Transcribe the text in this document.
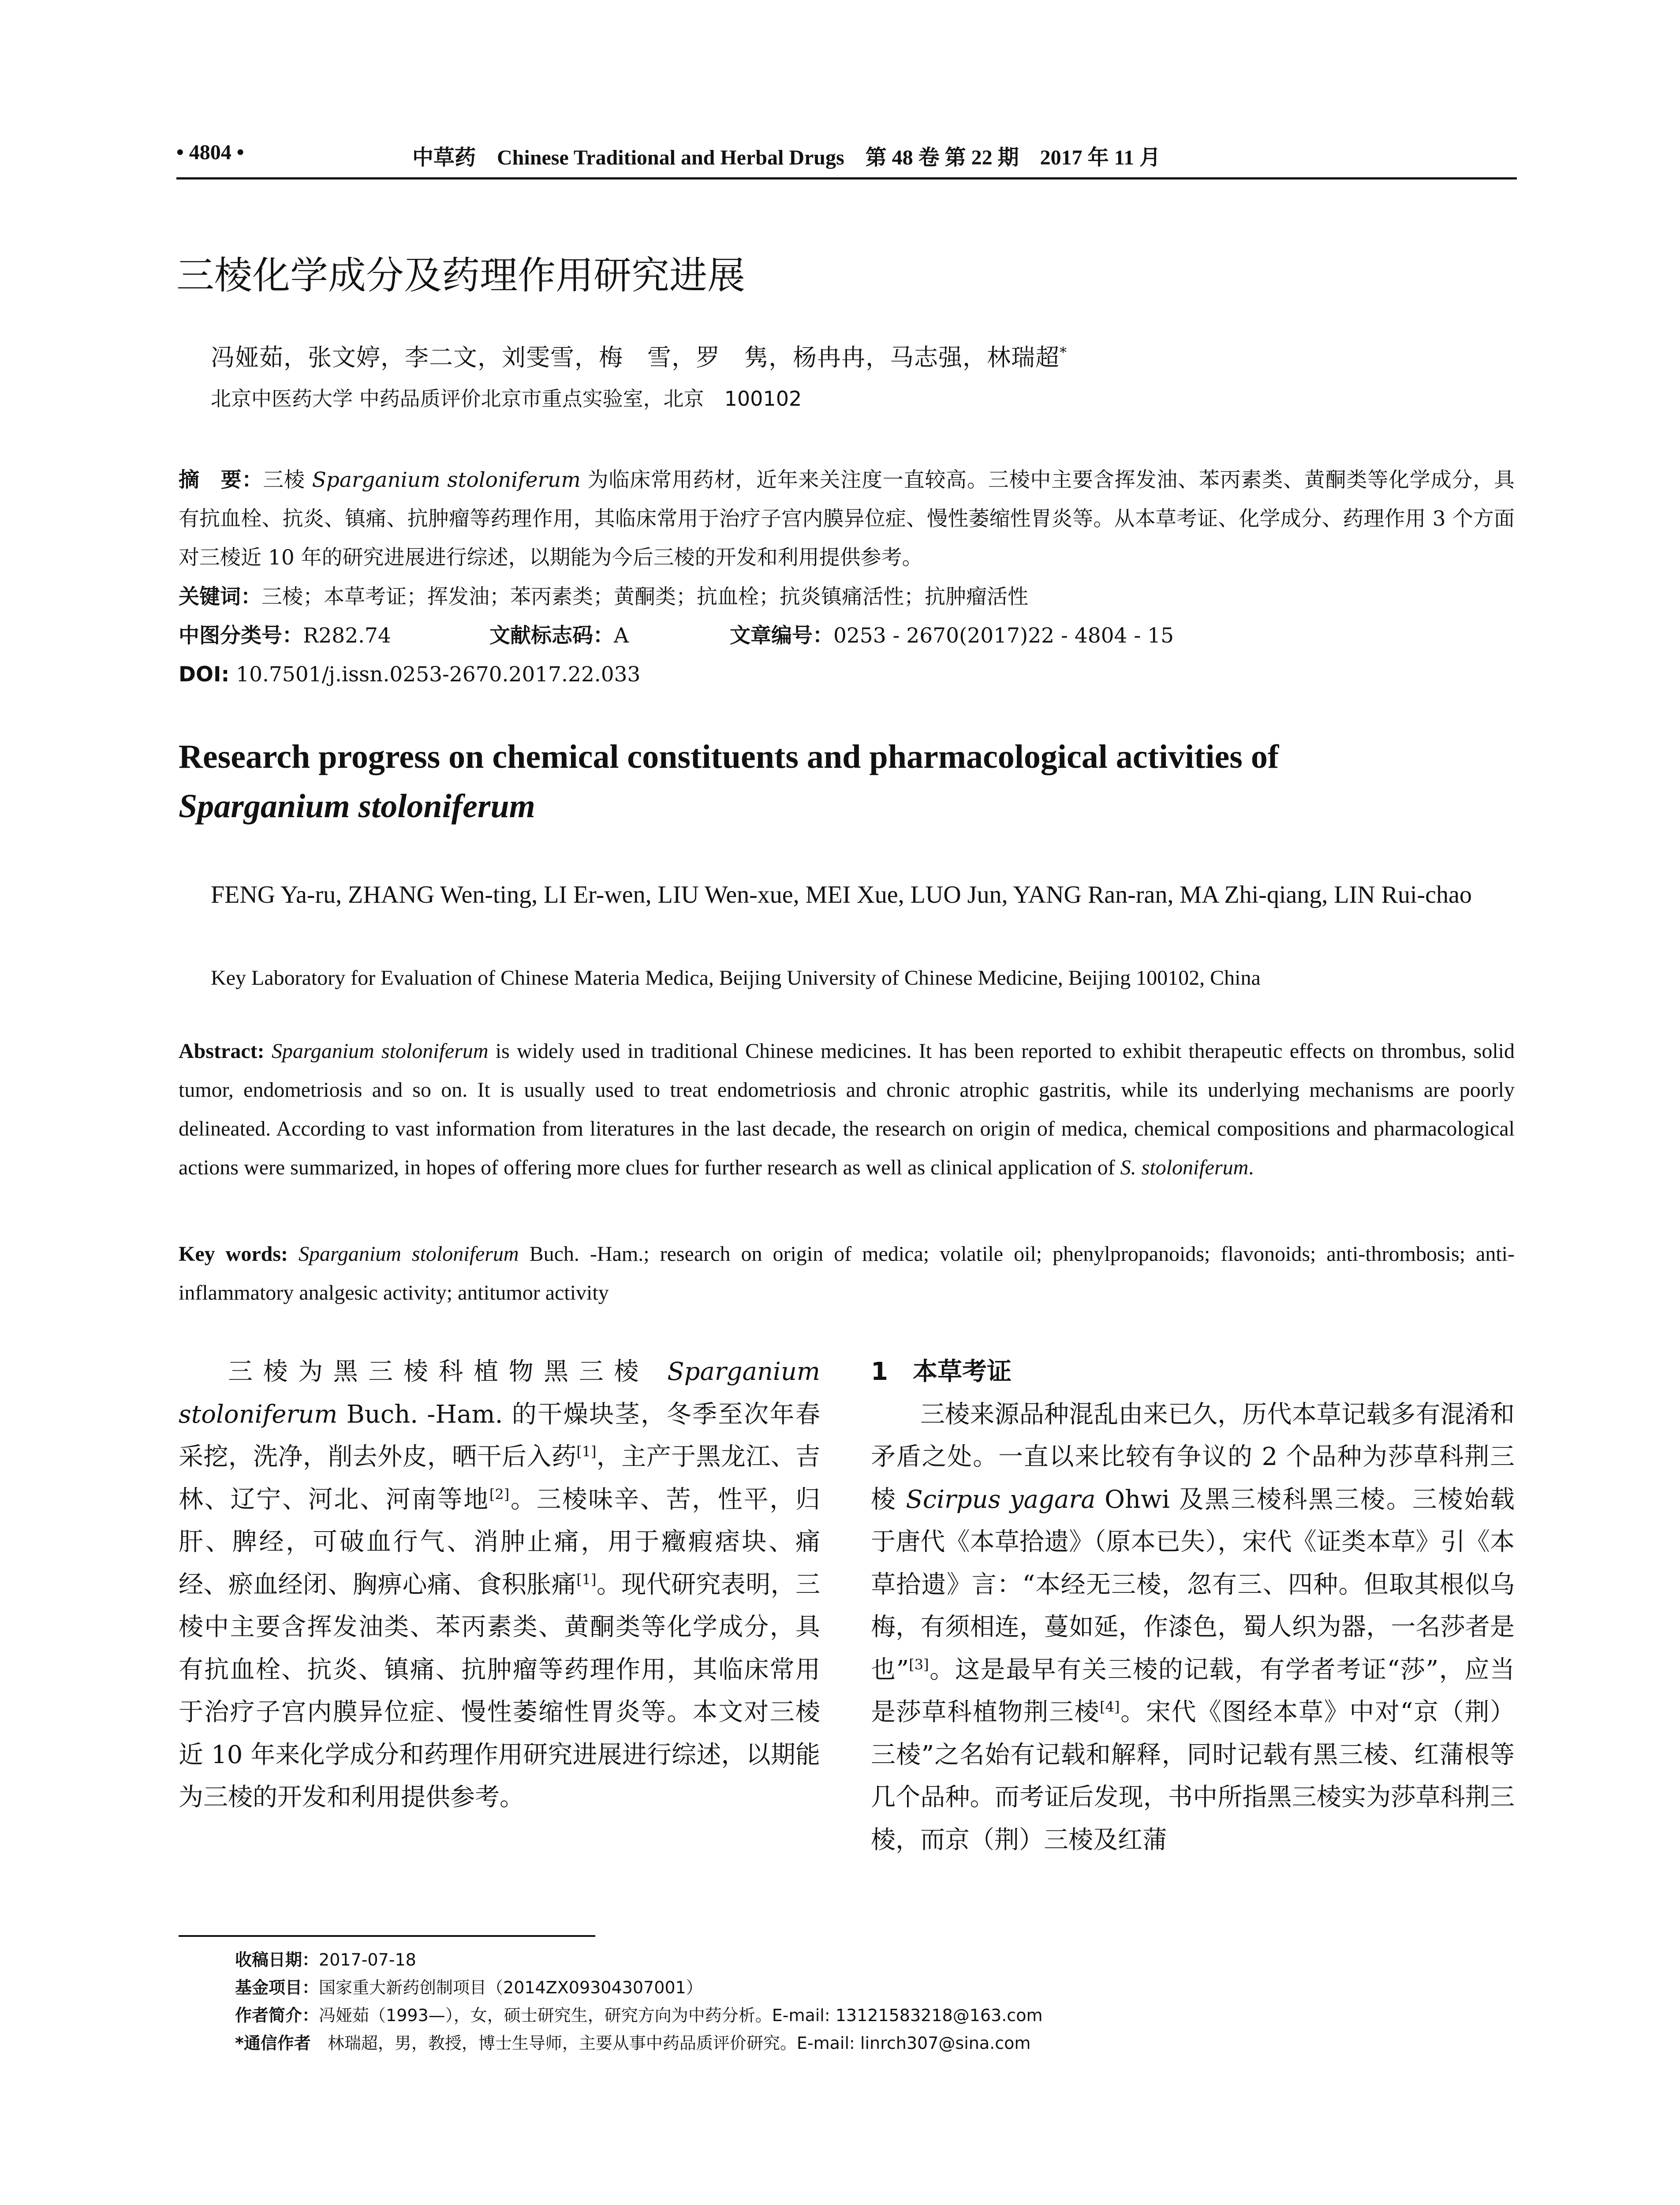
• 4804 •	中草药　Chinese Traditional and Herbal Drugs　第 48 卷 第 22 期　2017 年 11 月
三棱化学成分及药理作用研究进展
冯娅茹，张文婷，李二文，刘雯雪，梅　雪，罗　隽，杨冉冉，马志强，林瑞超*
北京中医药大学 中药品质评价北京市重点实验室，北京　100102
摘　要：三棱 Sparganium stoloniferum 为临床常用药材，近年来关注度一直较高。三棱中主要含挥发油、苯丙素类、黄酮类等化学成分，具有抗血栓、抗炎、镇痛、抗肿瘤等药理作用，其临床常用于治疗子宫内膜异位症、慢性萎缩性胃炎等。从本草考证、化学成分、药理作用 3 个方面对三棱近 10 年的研究进展进行综述，以期能为今后三棱的开发和利用提供参考。
关键词：三棱；本草考证；挥发油；苯丙素类；黄酮类；抗血栓；抗炎镇痛活性；抗肿瘤活性
中图分类号：R282.74	文献标志码：A	文章编号：0253 - 2670(2017)22 - 4804 - 15
DOI: 10.7501/j.issn.0253-2670.2017.22.033
Research progress on chemical constituents and pharmacological activities of
Sparganium stoloniferum
FENG Ya-ru, ZHANG Wen-ting, LI Er-wen, LIU Wen-xue, MEI Xue, LUO Jun, YANG Ran-ran, MA Zhi-qiang, LIN Rui-chao
Key Laboratory for Evaluation of Chinese Materia Medica, Beijing University of Chinese Medicine, Beijing 100102, China
Abstract: Sparganium stoloniferum is widely used in traditional Chinese medicines. It has been reported to exhibit therapeutic effects on thrombus, solid tumor, endometriosis and so on. It is usually used to treat endometriosis and chronic atrophic gastritis, while its underlying mechanisms are poorly delineated. According to vast information from literatures in the last decade, the research on origin of medica, chemical compositions and pharmacological actions were summarized, in hopes of offering more clues for further research as well as clinical application of S. stoloniferum.
Key words: Sparganium stoloniferum Buch. -Ham.; research on origin of medica; volatile oil; phenylpropanoids; flavonoids; anti-thrombosis; anti-inflammatory analgesic activity; antitumor activity
三棱为黑三棱科植物黑三棱 Sparganium stoloniferum Buch. -Ham. 的干燥块茎，冬季至次年春采挖，洗净，削去外皮，晒干后入药[1]，主产于黑龙江、吉林、辽宁、河北、河南等地[2]。三棱味辛、苦，性平，归肝、脾经，可破血行气、消肿止痛，用于癥瘕痞块、痛经、瘀血经闭、胸痹心痛、食积胀痛[1]。现代研究表明，三棱中主要含挥发油类、苯丙素类、黄酮类等化学成分，具有抗血栓、抗炎、镇痛、抗肿瘤等药理作用，其临床常用于治疗子宫内膜异位症、慢性萎缩性胃炎等。本文对三棱近 10 年来化学成分和药理作用研究进展进行综述，以期能为三棱的开发和利用提供参考。
1　本草考证
三棱来源品种混乱由来已久，历代本草记载多有混淆和矛盾之处。一直以来比较有争议的 2 个品种为莎草科荆三棱 Scirpus yagara Ohwi 及黑三棱科黑三棱。三棱始载于唐代《本草拾遗》（原本已失），宋代《证类本草》引《本草拾遗》言：“本经无三棱，忽有三、四种。但取其根似乌梅，有须相连，蔓如延，作漆色，蜀人织为器，一名莎者是也”[3]。这是最早有关三棱的记载，有学者考证“莎”，应当是莎草科植物荆三棱[4]。宋代《图经本草》中对“京（荆）三棱”之名始有记载和解释，同时记载有黑三棱、红蒲根等几个品种。而考证后发现，书中所指黑三棱实为莎草科荆三棱，而京（荆）三棱及红蒲
收稿日期：2017-07-18
基金项目：国家重大新药创制项目（2014ZX09304307001）
作者简介：冯娅茹（1993—），女，硕士研究生，研究方向为中药分析。E-mail: 13121583218@163.com
*通信作者　林瑞超，男，教授，博士生导师，主要从事中药品质评价研究。E-mail: linrch307@sina.com
